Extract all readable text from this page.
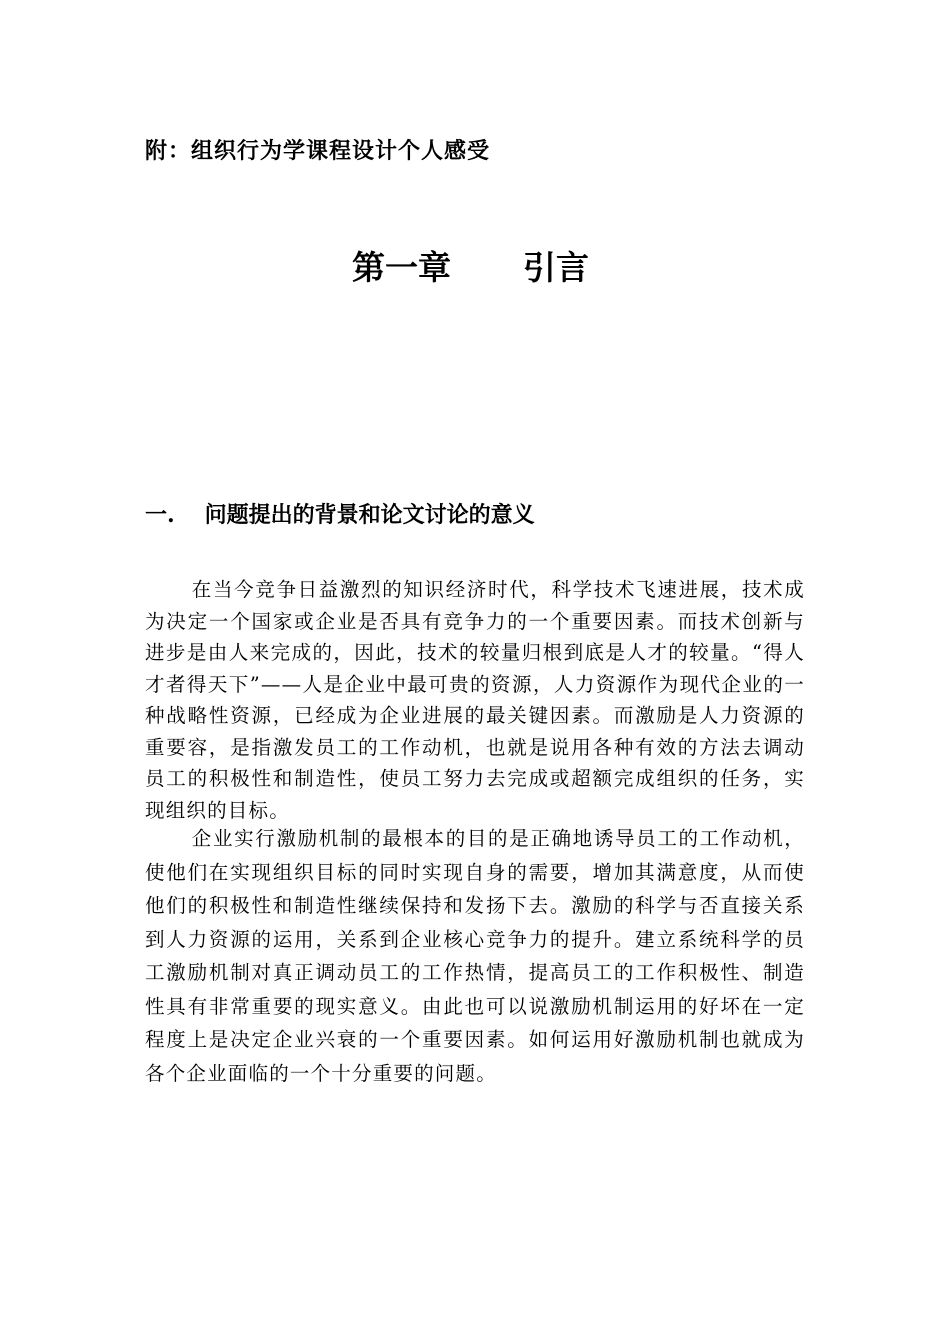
附：组织行为学课程设计个人感受
第一章 引言
一. 问题提出的背景和论文讨论的意义

在当今竞争日益激烈的知识经济时代，科学技术飞速进展，技术成为决定一个国家或企业是否具有竞争力的一个重要因素。而技术创新与进步是由人来完成的，因此，技术的较量归根到底是人才的较量。“得人才者得天下”——人是企业中最可贵的资源，人力资源作为现代企业的一种战略性资源，已经成为企业进展的最关键因素。而激励是人力资源的重要容，是指激发员工的工作动机，也就是说用各种有效的方法去调动员工的积极性和制造性，使员工努力去完成或超额完成组织的任务，实现组织的目标。

企业实行激励机制的最根本的目的是正确地诱导员工的工作动机，使他们在实现组织目标的同时实现自身的需要，增加其满意度，从而使他们的积极性和制造性继续保持和发扬下去。激励的科学与否直接关系到人力资源的运用，关系到企业核心竞争力的提升。建立系统科学的员工激励机制对真正调动员工的工作热情，提高员工的工作积极性、制造性具有非常重要的现实意义。由此也可以说激励机制运用的好坏在一定程度上是决定企业兴衰的一个重要因素。如何运用好激励机制也就成为各个企业面临的一个十分重要的问题。
